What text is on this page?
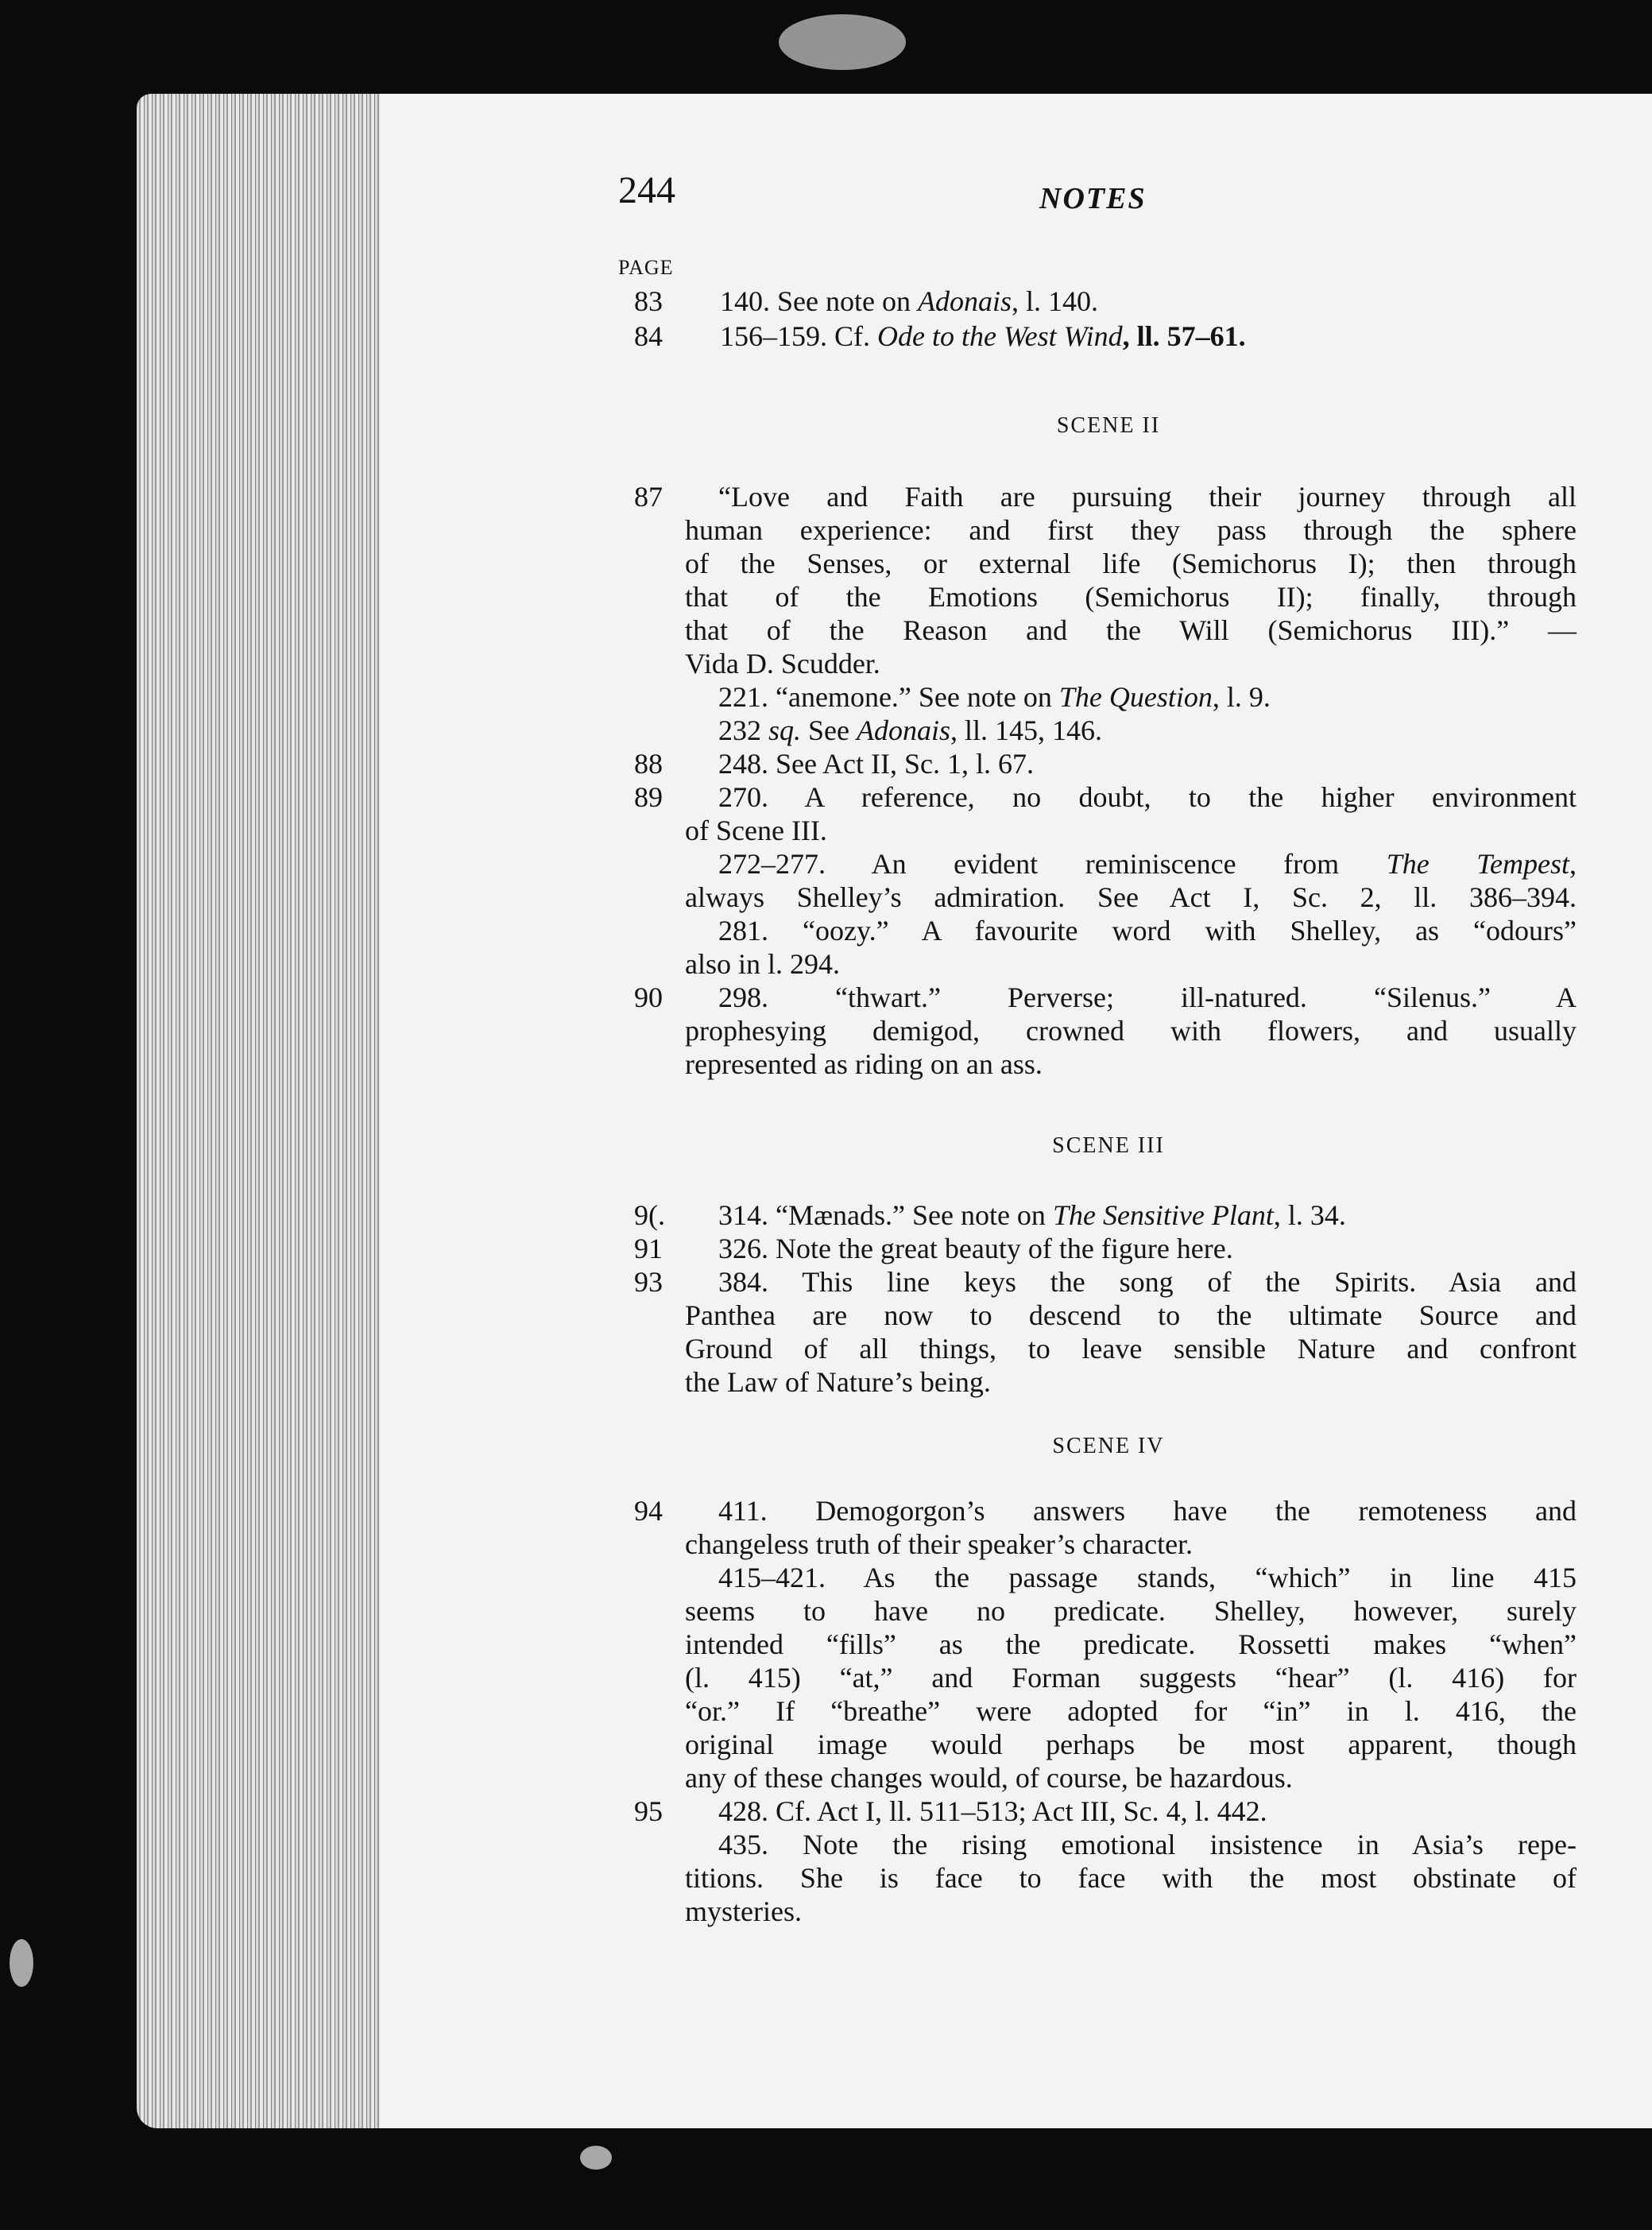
244	NOTES
PAGE
83 140. See note on Adonais, l. 140.
84 156–159. Cf. Ode to the West Wind, ll. 57–61.
SCENE II
87	“Love and Faith are pursuing their journey through all
human experience: and first they pass through the sphere
of the Senses, or external life (Semichorus I); then through
that of the Emotions (Semichorus II); finally, through
that of the Reason and the Will (Semichorus III).” —
Vida D. Scudder.
221. “anemone.” See note on The Question, l. 9.
232 sq. See Adonais, ll. 145, 146.
88	248. See Act II, Sc. 1, l. 67.
89	270. A reference, no doubt, to the higher environment
of Scene III.
272–277. An evident reminiscence from The Tempest,
always Shelley’s admiration. See Act I, Sc. 2, ll. 386–394.
281. “oozy.” A favourite word with Shelley, as “odours”
also in l. 294.
90	298. “thwart.” Perverse; ill-natured. “Silenus.” A
prophesying demigod, crowned with flowers, and usually
represented as riding on an ass.
SCENE III
9(.	314. “Mænads.” See note on The Sensitive Plant, l. 34.
91	326. Note the great beauty of the figure here.
93	384. This line keys the song of the Spirits. Asia and
Panthea are now to descend to the ultimate Source and
Ground of all things, to leave sensible Nature and confront
the Law of Nature’s being.
SCENE IV
94	411. Demogorgon’s answers have the remoteness and
changeless truth of their speaker’s character.
415–421. As the passage stands, “which” in line 415
seems to have no predicate. Shelley, however, surely
intended “fills” as the predicate. Rossetti makes “when”
(l. 415) “at,” and Forman suggests “hear” (l. 416) for
“or.” If “breathe” were adopted for “in” in l. 416, the
original image would perhaps be most apparent, though
any of these changes would, of course, be hazardous.
95	428. Cf. Act I, ll. 511–513; Act III, Sc. 4, l. 442.
435. Note the rising emotional insistence in Asia’s repe-
titions. She is face to face with the most obstinate of
mysteries.
